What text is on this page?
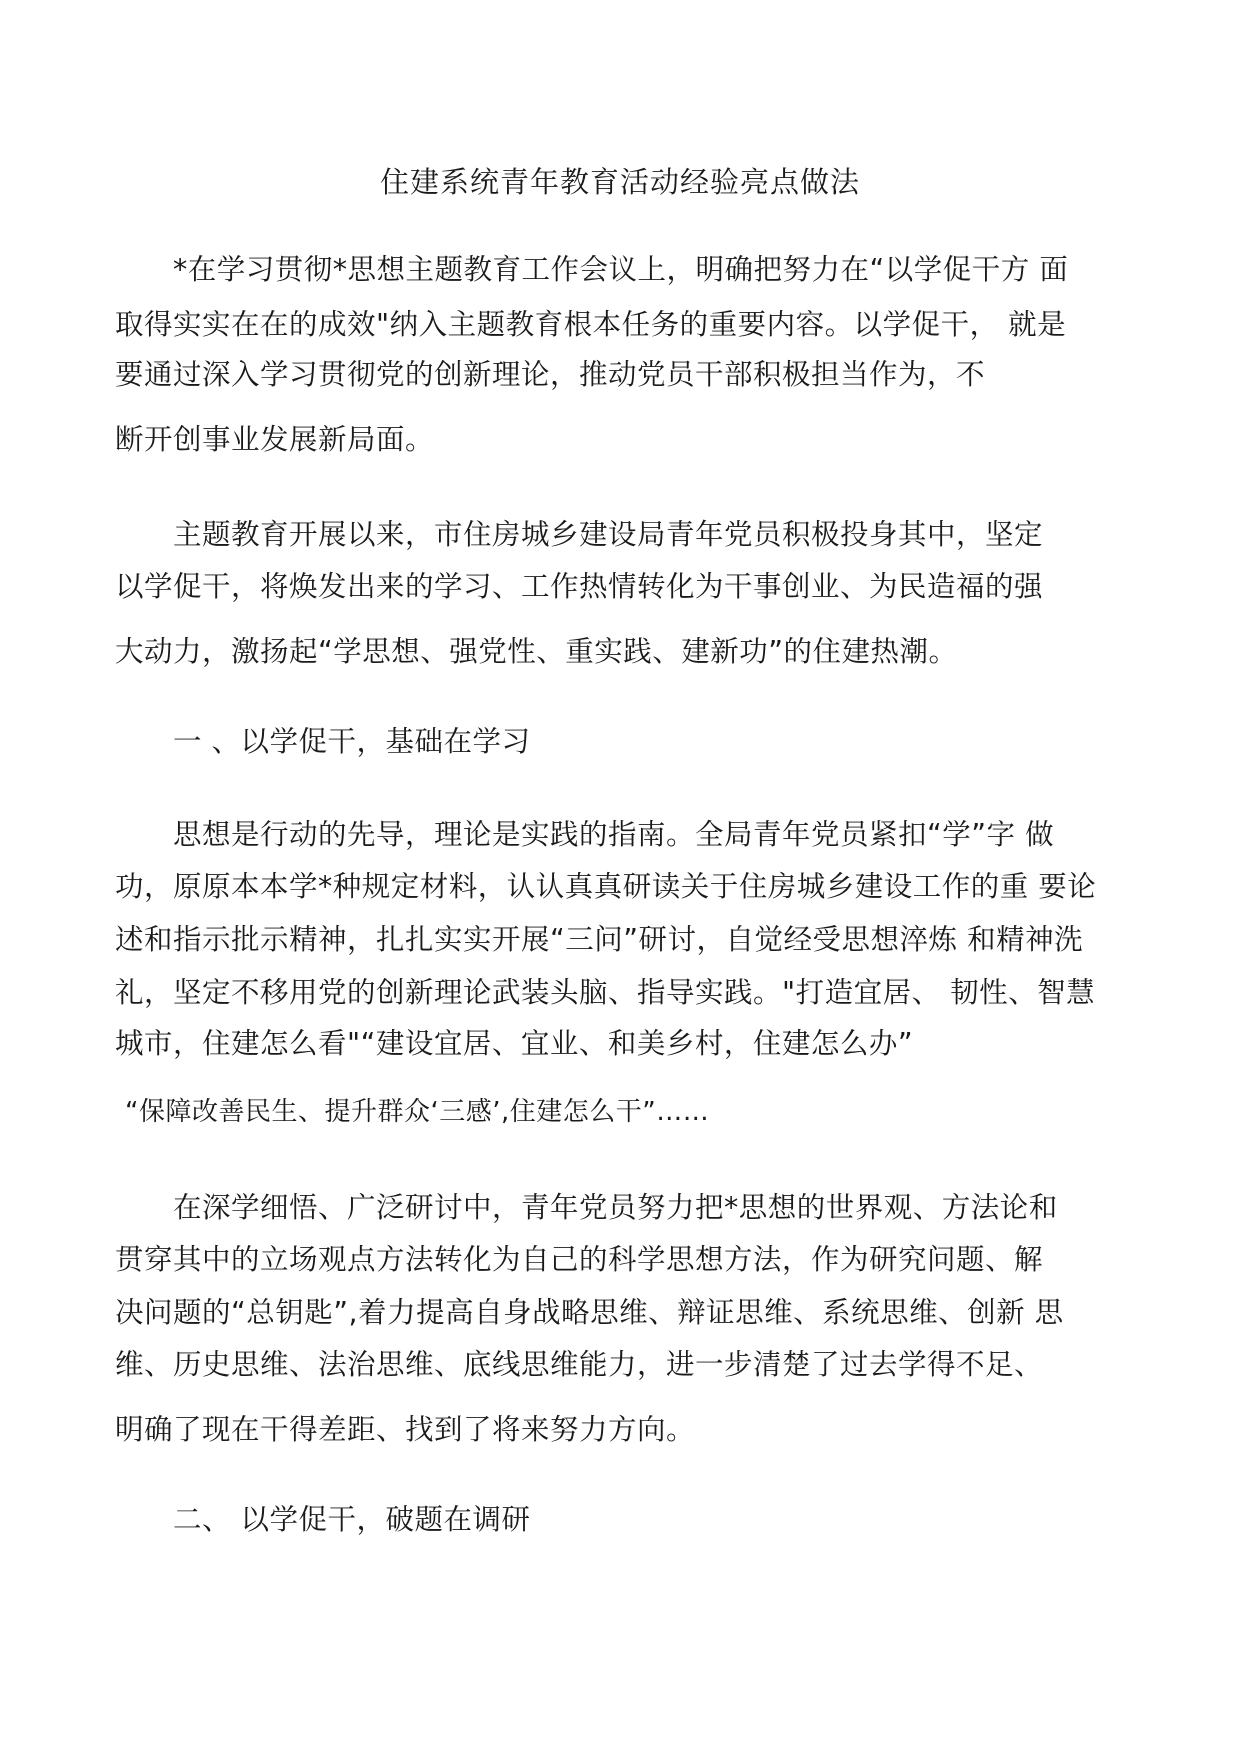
住建系统青年教育活动经验亮点做法
*在学习贯彻*思想主题教育工作会议上，明确把努力在“以学促干方 面
取得实实在在的成效"纳入主题教育根本任务的重要内容。以学促干， 就是
要通过深入学习贯彻党的创新理论，推动党员干部积极担当作为，不
断开创事业发展新局面。
主题教育开展以来，市住房城乡建设局青年党员积极投身其中，坚定
以学促干，将焕发出来的学习、工作热情转化为干事创业、为民造福的强
大动力，激扬起“学思想、强党性、重实践、建新功”的住建热潮。
一 、以学促干，基础在学习
思想是行动的先导，理论是实践的指南。全局青年党员紧扣“学”字 做
功，原原本本学*种规定材料，认认真真研读关于住房城乡建设工作的重 要论
述和指示批示精神，扎扎实实开展“三问”研讨，自觉经受思想淬炼 和精神洗
礼，坚定不移用党的创新理论武装头脑、指导实践。"打造宜居、 韧性、智慧
城市，住建怎么看"“建设宜居、宜业、和美乡村，住建怎么办”
“保障改善民生、提升群众‘三感’,住建怎么干”……
在深学细悟、广泛研讨中，青年党员努力把*思想的世界观、方法论和
贯穿其中的立场观点方法转化为自己的科学思想方法，作为研究问题、解
决问题的“总钥匙”,着力提高自身战略思维、辩证思维、系统思维、创新 思
维、历史思维、法治思维、底线思维能力，进一步清楚了过去学得不足、
明确了现在干得差距、找到了将来努力方向。
二、 以学促干，破题在调研
